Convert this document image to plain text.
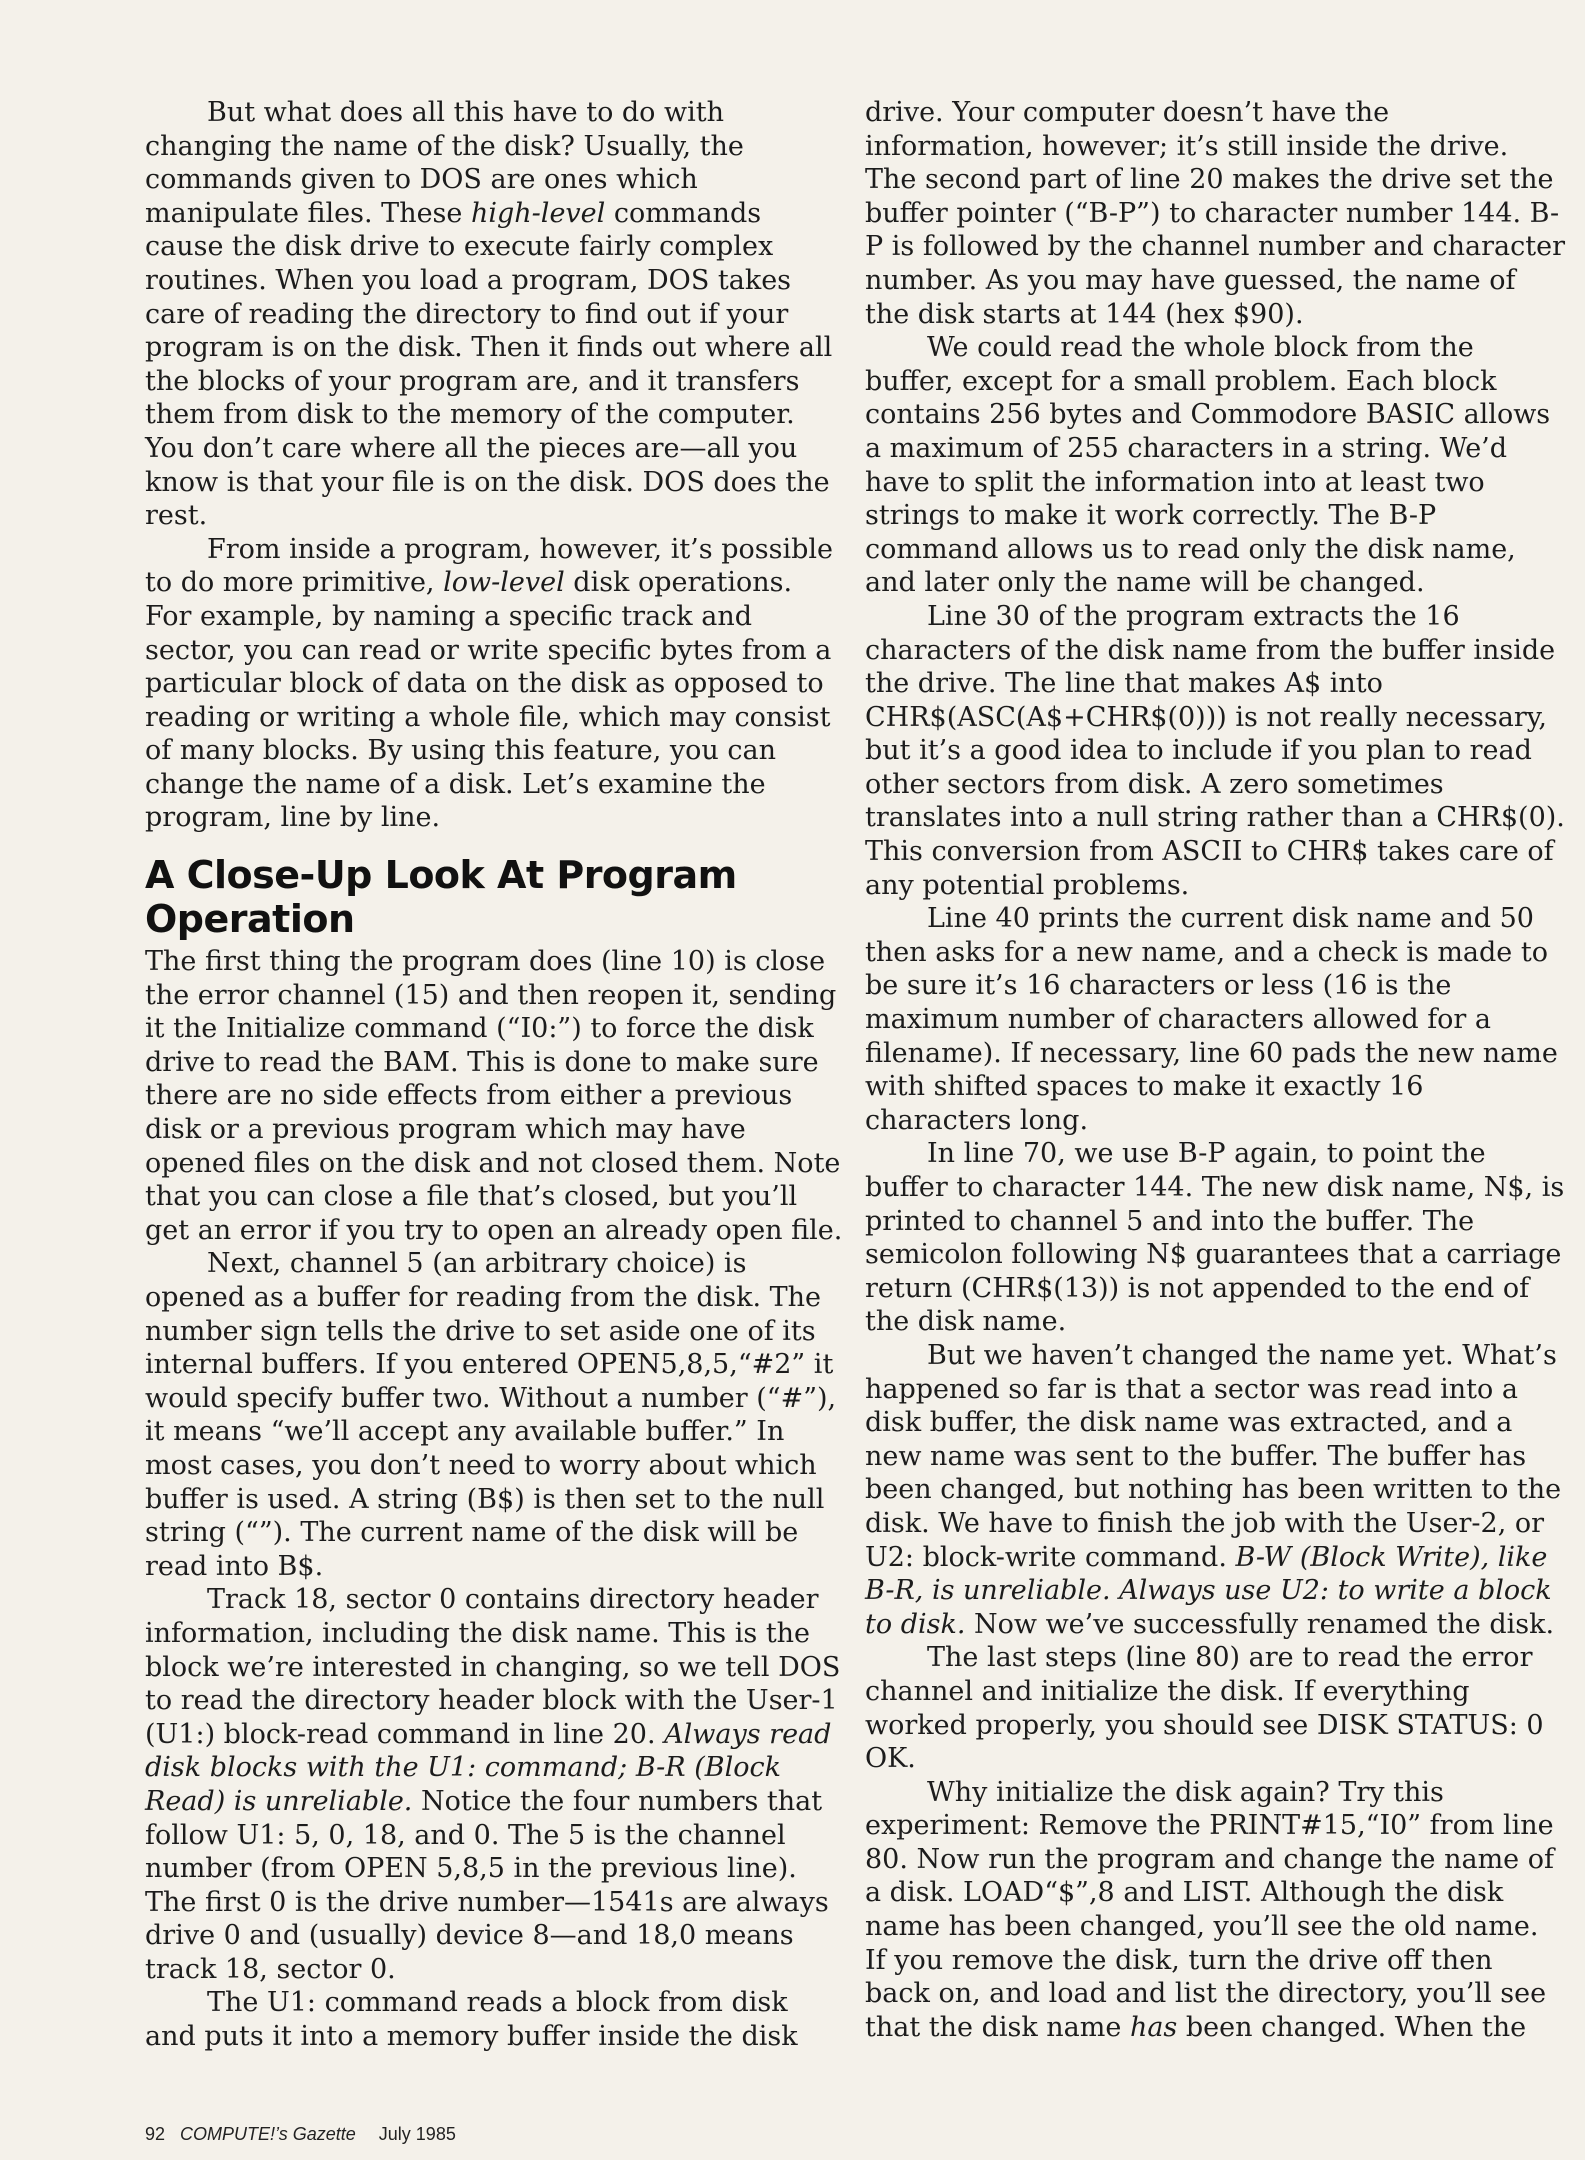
But what does all this have to do with changing the name of the disk? Usually, the commands given to DOS are ones which manipulate files. These high-level commands cause the disk drive to execute fairly complex routines. When you load a program, DOS takes care of reading the directory to find out if your program is on the disk. Then it finds out where all the blocks of your program are, and it transfers them from disk to the memory of the computer. You don’t care where all the pieces are—all you know is that your file is on the disk. DOS does the rest.

From inside a program, however, it’s possible to do more primitive, low-level disk operations. For example, by naming a specific track and sector, you can read or write specific bytes from a particular block of data on the disk as opposed to reading or writing a whole file, which may consist of many blocks. By using this feature, you can change the name of a disk. Let’s examine the program, line by line.

A Close-Up Look At Program Operation

The first thing the program does (line 10) is close the error channel (15) and then reopen it, sending it the Initialize command (“I0:”) to force the disk drive to read the BAM. This is done to make sure there are no side effects from either a previous disk or a previous program which may have opened files on the disk and not closed them. Note that you can close a file that’s closed, but you’ll get an error if you try to open an already open file.

Next, channel 5 (an arbitrary choice) is opened as a buffer for reading from the disk. The number sign tells the drive to set aside one of its internal buffers. If you entered OPEN5,8,5,“#2” it would specify buffer two. Without a number (“#”), it means “we’ll accept any available buffer.” In most cases, you don’t need to worry about which buffer is used. A string (B$) is then set to the null string (“”). The current name of the disk will be read into B$.

Track 18, sector 0 contains directory header information, including the disk name. This is the block we’re interested in changing, so we tell DOS to read the directory header block with the User-1 (U1:) block-read command in line 20. Always read disk blocks with the U1: command; B-R (Block Read) is unreliable. Notice the four numbers that follow U1: 5, 0, 18, and 0. The 5 is the channel number (from OPEN 5,8,5 in the previous line). The first 0 is the drive number—1541s are always drive 0 and (usually) device 8—and 18,0 means track 18, sector 0.

The U1: command reads a block from disk and puts it into a memory buffer inside the disk

drive. Your computer doesn’t have the information, however; it’s still inside the drive. The second part of line 20 makes the drive set the buffer pointer (“B-P”) to character number 144. B-P is followed by the channel number and character number. As you may have guessed, the name of the disk starts at 144 (hex $90).

We could read the whole block from the buffer, except for a small problem. Each block contains 256 bytes and Commodore BASIC allows a maximum of 255 characters in a string. We’d have to split the information into at least two strings to make it work correctly. The B-P command allows us to read only the disk name, and later only the name will be changed.

Line 30 of the program extracts the 16 characters of the disk name from the buffer inside the drive. The line that makes A$ into CHR$(ASC(A$+CHR$(0))) is not really necessary, but it’s a good idea to include if you plan to read other sectors from disk. A zero sometimes translates into a null string rather than a CHR$(0). This conversion from ASCII to CHR$ takes care of any potential problems.

Line 40 prints the current disk name and 50 then asks for a new name, and a check is made to be sure it’s 16 characters or less (16 is the maximum number of characters allowed for a filename). If necessary, line 60 pads the new name with shifted spaces to make it exactly 16 characters long.

In line 70, we use B-P again, to point the buffer to character 144. The new disk name, N$, is printed to channel 5 and into the buffer. The semicolon following N$ guarantees that a carriage return (CHR$(13)) is not appended to the end of the disk name.

But we haven’t changed the name yet. What’s happened so far is that a sector was read into a disk buffer, the disk name was extracted, and a new name was sent to the buffer. The buffer has been changed, but nothing has been written to the disk. We have to finish the job with the User-2, or U2: block-write command. B-W (Block Write), like B-R, is unreliable. Always use U2: to write a block to disk. Now we’ve successfully renamed the disk.

The last steps (line 80) are to read the error channel and initialize the disk. If everything worked properly, you should see DISK STATUS: 0 OK.

Why initialize the disk again? Try this experiment: Remove the PRINT#15,“I0” from line 80. Now run the program and change the name of a disk. LOAD“$”,8 and LIST. Although the disk name has been changed, you’ll see the old name. If you remove the disk, turn the drive off then back on, and load and list the directory, you’ll see that the disk name has been changed. When the

92 COMPUTE!’s Gazette July 1985
